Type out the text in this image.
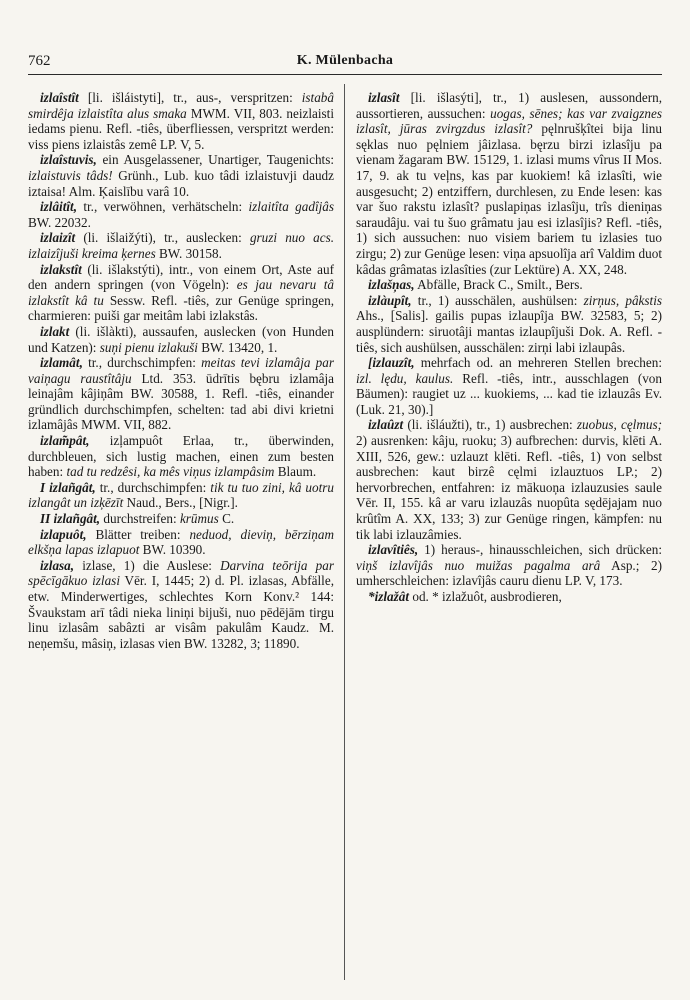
762	K. Mülenbacha

izlaîstît [li. išláistyti], tr., aus-, verspritzen: istabâ smirdêja izlaistîta alus smaka MWM. VII, 803. neizlaisti iedams pienu. Refl. -tiês, überfliessen, verspritzt werden: viss piens izlaistâs zemê LP. V, 5.

izlaîstuvis, ein Ausgelassener, Unartiger, Taugenichts: izlaistuvis tâds! Grünh., Lub. kuo tâdi izlaistuvji daudz iztaisa! Alm. Ķaislību varâ 10.

izlâitît, tr., verwöhnen, verhätscheln: izlaitîta gadîjâs BW. 22032.

izlaizît (li. išlaižýti), tr., auslecken: gruzi nuo acs. izlaizîjuši kreima ķernes BW. 30158.

izlakstît (li. išlakstýti), intr., von einem Ort, Aste auf den andern springen (von Vögeln): es jau nevaru tâ izlakstît kâ tu Sessw. Refl. -tiês, zur Genüge springen, charmieren: puiši gar meitâm labi izlakstâs.

izlakt (li. išlàkti), aussaufen, auslecken (von Hunden und Katzen): suņi pienu izlakuši BW. 13420, 1.

izlamât, tr., durchschimpfen: meitas tevi izlamâja par vaiņagu raustîtâju Ltd. 353. ūdrītis bębru izlamâja leinajâm kâjiņâm BW. 30588, 1. Refl. -tiês, einander gründlich durchschimpfen, schelten: tad abi divi krietni izlamâjâs MWM. VII, 882.

izlam̃pât, izļampuôt Erlaa, tr., überwinden, durchbleuen, sich lustig machen, einen zum besten haben: tad tu redzêsi, ka mês viņus izlampâsim Blaum.

I izlañgât, tr., durchschimpfen: tik tu tuo zini, kâ uotru izlangât un izķēzīt Naud., Bers., [Nigr.].

II izlañgât, durchstreifen: krūmus C.

izlapuôt, Blätter treiben: neduod, dieviņ, bērziņam elkšņa lapas izlapuot BW. 10390.

izlasa, izlase, 1) die Auslese: Darvina teōrija par spēcīgākuo izlasi Vēr. I, 1445; 2) d. Pl. izlasas, Abfälle, etw. Minderwertiges, schlechtes Korn Konv.² 144: Švaukstam arī tâdi nieka liniņi bijuši, nuo pēdējām tirgu linu izlasâm sabâzti ar visâm pakulâm Kaudz. M. neņemšu, mâsiņ, izlasas vien BW. 13282, 3; 11890.

izlasît [li. išlasýti], tr., 1) auslesen, aussondern, aussortieren, aussuchen: uogas, sēnes; kas var zvaigznes izlasît, jūras zvirgzdus izlasît? pęlnrušķîtei bija linu sęklas nuo pęlniem jâizlasa. bęrzu birzi izlasîju pa vienam žagaram BW. 15129, 1. izlasi mums vîrus II Mos. 17, 9. ak tu veļns, kas par kuokiem! kâ izlasîti, wie ausgesucht; 2) entziffern, durchlesen, zu Ende lesen: kas var šuo rakstu izlasît? puslapiņas izlasîju, trîs dieniņas saraudâju. vai tu šuo grâmatu jau esi izlasîjis? Refl. -tiês, 1) sich aussuchen: nuo visiem bariem tu izlasies tuo zirgu; 2) zur Genüge lesen: viņa apsuolîja arî Valdim duot kâdas grâmatas izlasîties (zur Lektüre) A. XX, 248.

izlašņas, Abfälle, Brack C., Smilt., Bers.

izlàupît, tr., 1) ausschälen, aushülsen: zirņus, pâkstis Ahs., [Salis]. gailis pupas izlaupîja BW. 32583, 5; 2) ausplündern: siruotâji mantas izlaupîjuši Dok. A. Refl. -tiês, sich aushülsen, ausschälen: zirņi labi izlaupâs.

[izlauzît, mehrfach od. an mehreren Stellen brechen: izl. lędu, kaulus. Refl. -tiês, intr., ausschlagen (von Bäumen): raugiet uz ... kuokiems, ... kad tie izlauzâs Ev. (Luk. 21, 30).]

izlaûzt (li. išláužti), tr., 1) ausbrechen: zuobus, cęlmus; 2) ausrenken: kâju, ruoku; 3) aufbrechen: durvis, klēti A. XIII, 526, gew.: uzlauzt klēti. Refl. -tiês, 1) von selbst ausbrechen: kaut birzê cęlmi izlauztuos LP.; 2) hervorbrechen, entfahren: iz mākuoņa izlauzusies saule Vēr. II, 155. kâ ar varu izlauzâs nuopûta sędējajam nuo krûtîm A. XX, 133; 3) zur Genüge ringen, kämpfen: nu tik labi izlauzâmies.

izlavîtiês, 1) heraus-, hinausschleichen, sich drücken: viņš izlavîjâs nuo muižas pagalma arâ Asp.; 2) umherschleichen: izlavîjâs cauru dienu LP. V, 173.

*izlažât od. * izlažuôt, ausbrodieren,
